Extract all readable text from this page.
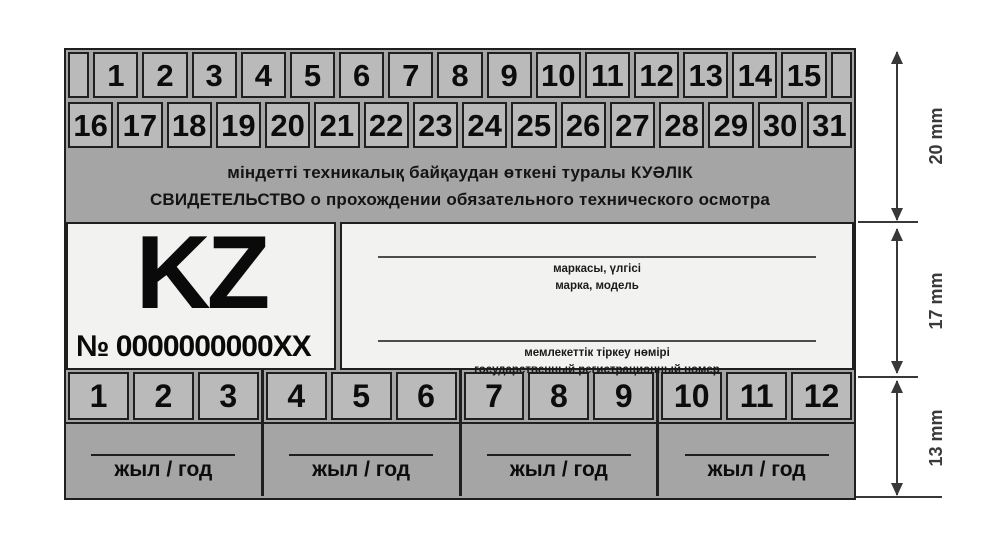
1	2	3	4	5	6	7	8	9 10 11 12 13 14 15
16 17 18 19 20 21 22 23 24 25 26 27 28 29 30 31
міндетті техникалық байқаудан өткені туралы КУӘЛІК
СВИДЕТЕЛЬСТВО о прохождении обязательного технического осмотра
KZ
№ 0000000000XX
маркасы, үлгісі
марка, модель
мемлекеттік тіркеу нөмірі
государственный регистрационный номер
1	2	3
жыл / год
4	5	6
жыл / год
7	8	9
жыл / год
10 11 12
жыл / год
20 mm
17 mm
13 mm
